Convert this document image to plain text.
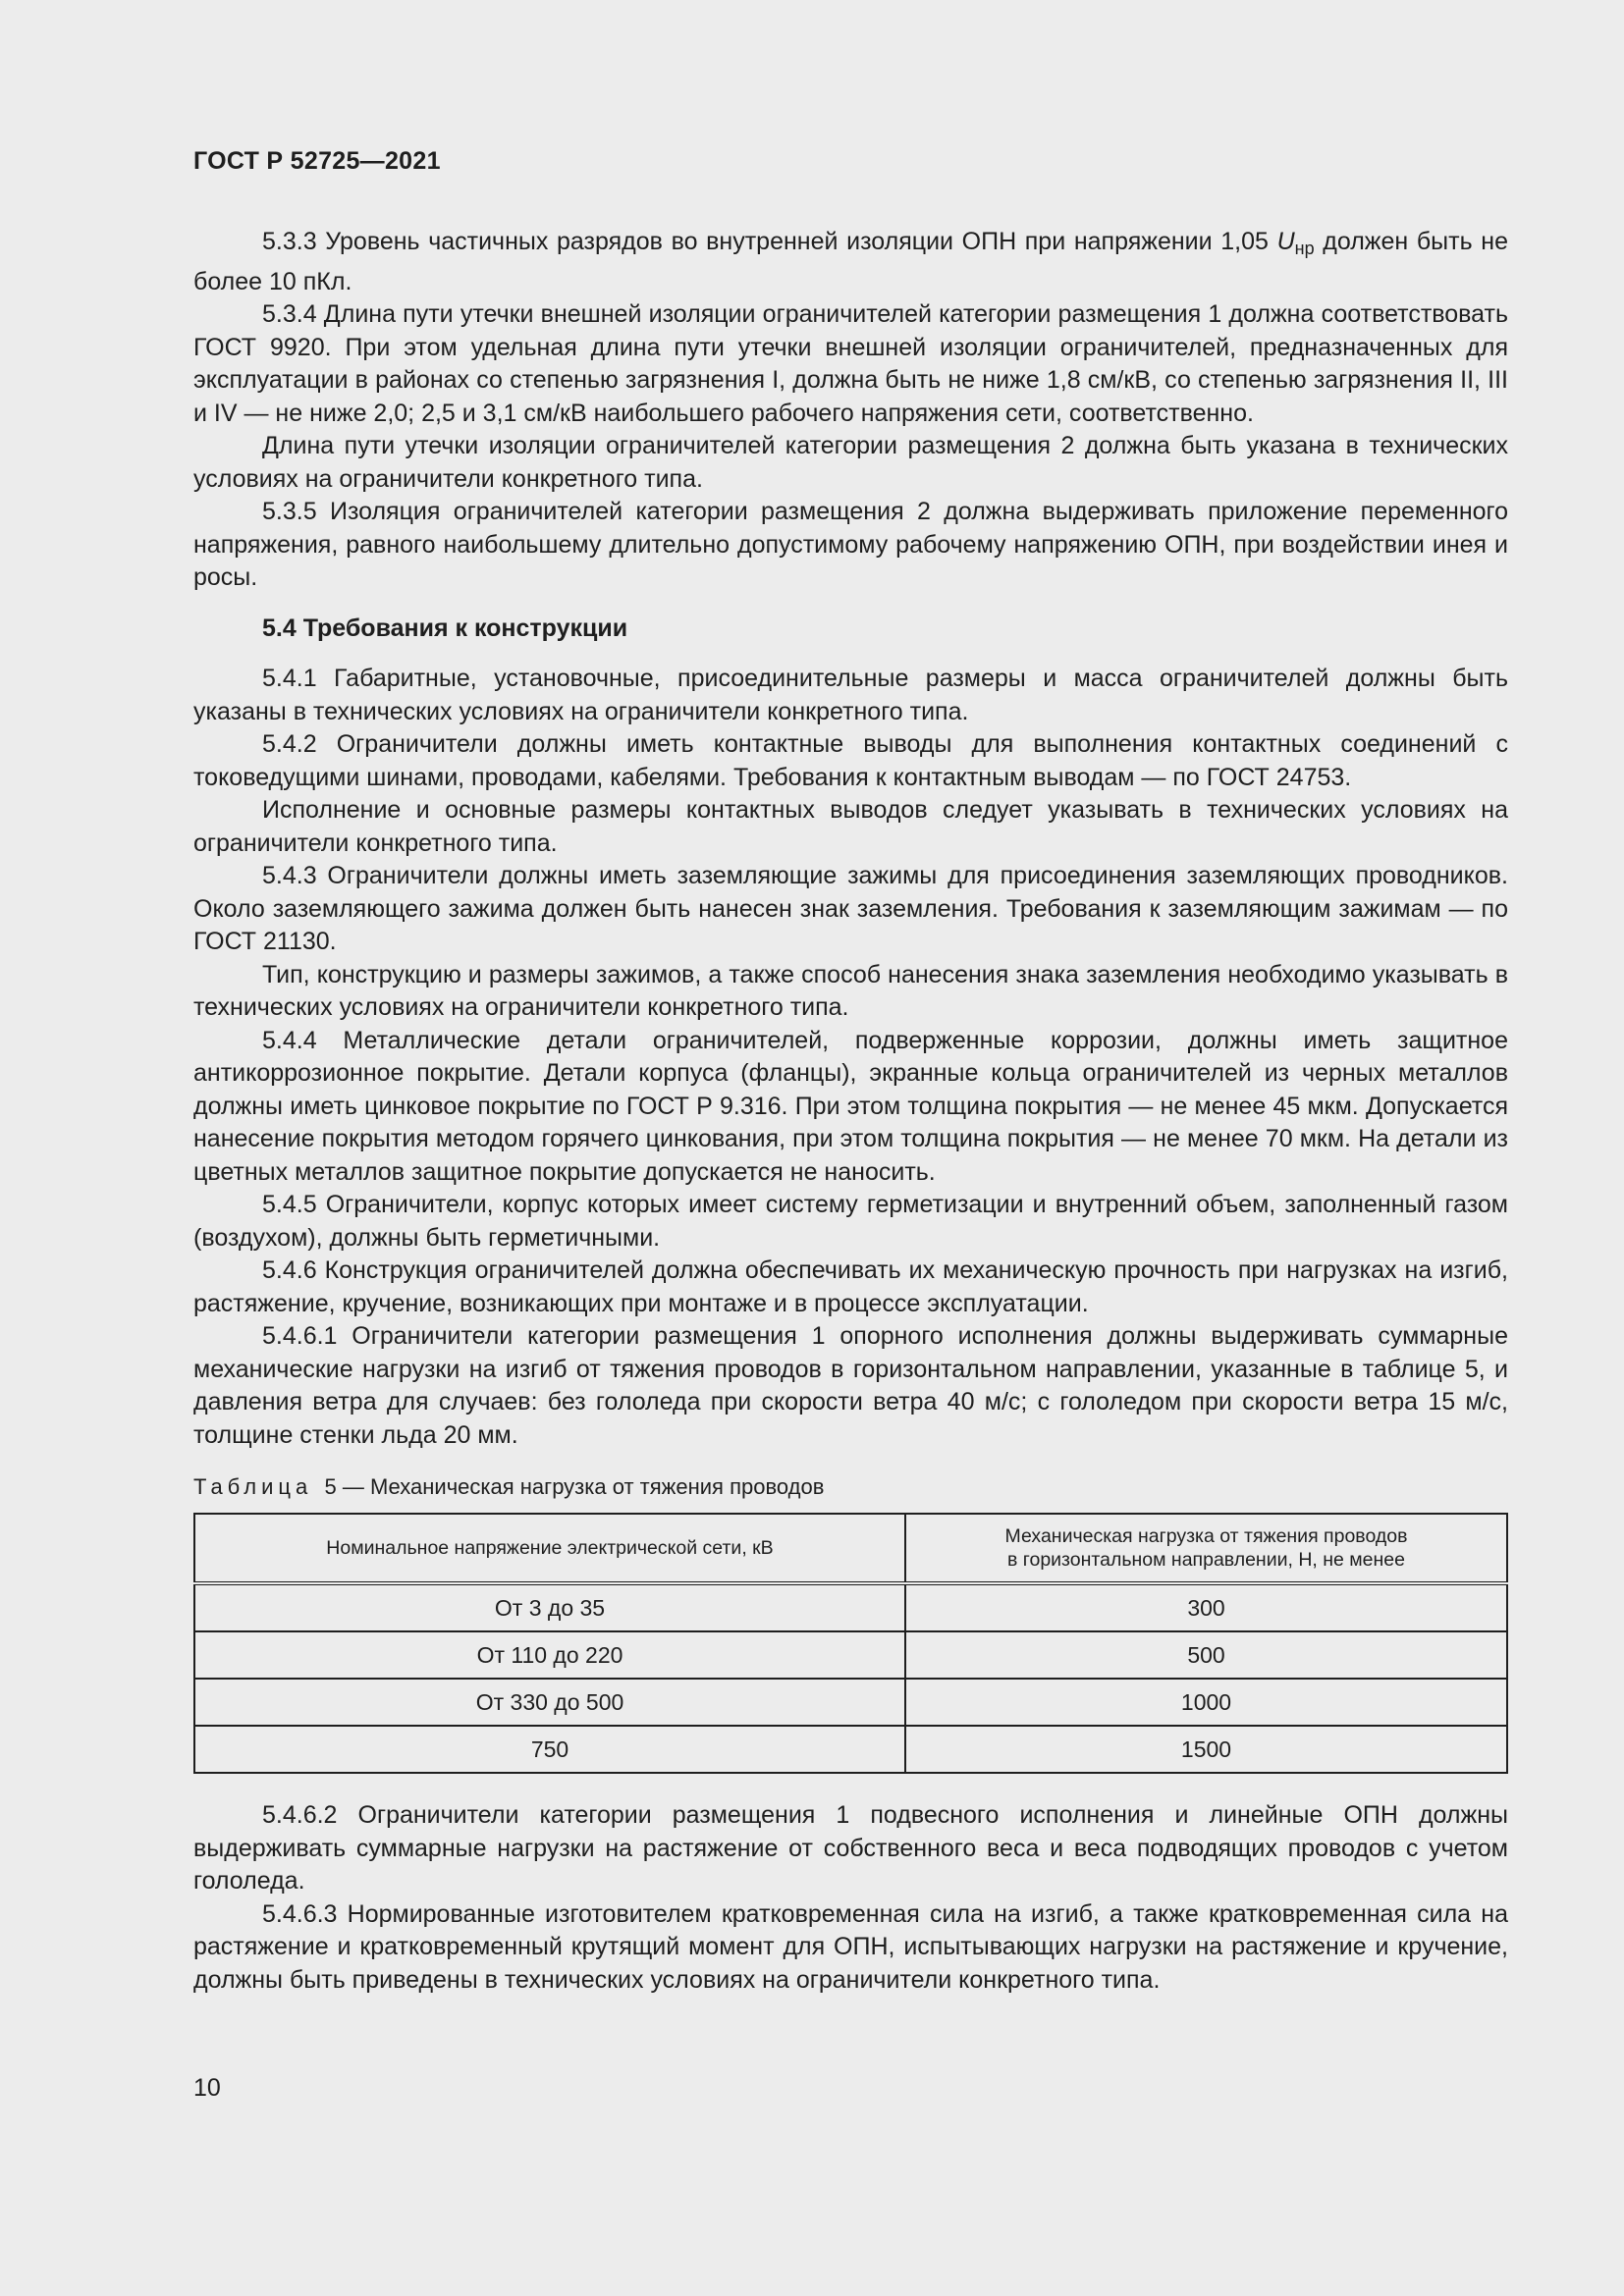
ГОСТ Р 52725—2021

5.3.3 Уровень частичных разрядов во внутренней изоляции ОПН при напряжении 1,05 $U_{нр}$ должен быть не более 10 пКл.

5.3.4 Длина пути утечки внешней изоляции ограничителей категории размещения 1 должна соответствовать ГОСТ 9920. При этом удельная длина пути утечки внешней изоляции ограничителей, предназначенных для эксплуатации в районах со степенью загрязнения I, должна быть не ниже 1,8 см/кВ, со степенью загрязнения II, III и IV — не ниже 2,0; 2,5 и 3,1 см/кВ наибольшего рабочего напряжения сети, соответственно.

Длина пути утечки изоляции ограничителей категории размещения 2 должна быть указана в технических условиях на ограничители конкретного типа.

5.3.5 Изоляция ограничителей категории размещения 2 должна выдерживать приложение переменного напряжения, равного наибольшему длительно допустимому рабочему напряжению ОПН, при воздействии инея и росы.

5.4 Требования к конструкции

5.4.1 Габаритные, установочные, присоединительные размеры и масса ограничителей должны быть указаны в технических условиях на ограничители конкретного типа.

5.4.2 Ограничители должны иметь контактные выводы для выполнения контактных соединений с токоведущими шинами, проводами, кабелями. Требования к контактным выводам — по ГОСТ 24753.

Исполнение и основные размеры контактных выводов следует указывать в технических условиях на ограничители конкретного типа.

5.4.3 Ограничители должны иметь заземляющие зажимы для присоединения заземляющих проводников. Около заземляющего зажима должен быть нанесен знак заземления. Требования к заземляющим зажимам — по ГОСТ 21130.

Тип, конструкцию и размеры зажимов, а также способ нанесения знака заземления необходимо указывать в технических условиях на ограничители конкретного типа.

5.4.4 Металлические детали ограничителей, подверженные коррозии, должны иметь защитное антикоррозионное покрытие. Детали корпуса (фланцы), экранные кольца ограничителей из черных металлов должны иметь цинковое покрытие по ГОСТ Р 9.316. При этом толщина покрытия — не менее 45 мкм. Допускается нанесение покрытия методом горячего цинкования, при этом толщина покрытия — не менее 70 мкм. На детали из цветных металлов защитное покрытие допускается не наносить.

5.4.5 Ограничители, корпус которых имеет систему герметизации и внутренний объем, заполненный газом (воздухом), должны быть герметичными.

5.4.6 Конструкция ограничителей должна обеспечивать их механическую прочность при нагрузках на изгиб, растяжение, кручение, возникающих при монтаже и в процессе эксплуатации.

5.4.6.1 Ограничители категории размещения 1 опорного исполнения должны выдерживать суммарные механические нагрузки на изгиб от тяжения проводов в горизонтальном направлении, указанные в таблице 5, и давления ветра для случаев: без гололеда при скорости ветра 40 м/с; с гололедом при скорости ветра 15 м/с, толщине стенки льда 20 мм.

Таблица 5 — Механическая нагрузка от тяжения проводов
Номинальное напряжение электрической сети, кВ	Механическая нагрузка от тяжения проводов
в горизонтальном направлении, Н, не менее
От 3 до 35	300
От 110 до 220	500
От 330 до 500	1000
750	1500

5.4.6.2 Ограничители категории размещения 1 подвесного исполнения и линейные ОПН должны выдерживать суммарные нагрузки на растяжение от собственного веса и веса подводящих проводов с учетом гололеда.

5.4.6.3 Нормированные изготовителем кратковременная сила на изгиб, а также кратковременная сила на растяжение и кратковременный крутящий момент для ОПН, испытывающих нагрузки на растяжение и кручение, должны быть приведены в технических условиях на ограничители конкретного типа.

10
